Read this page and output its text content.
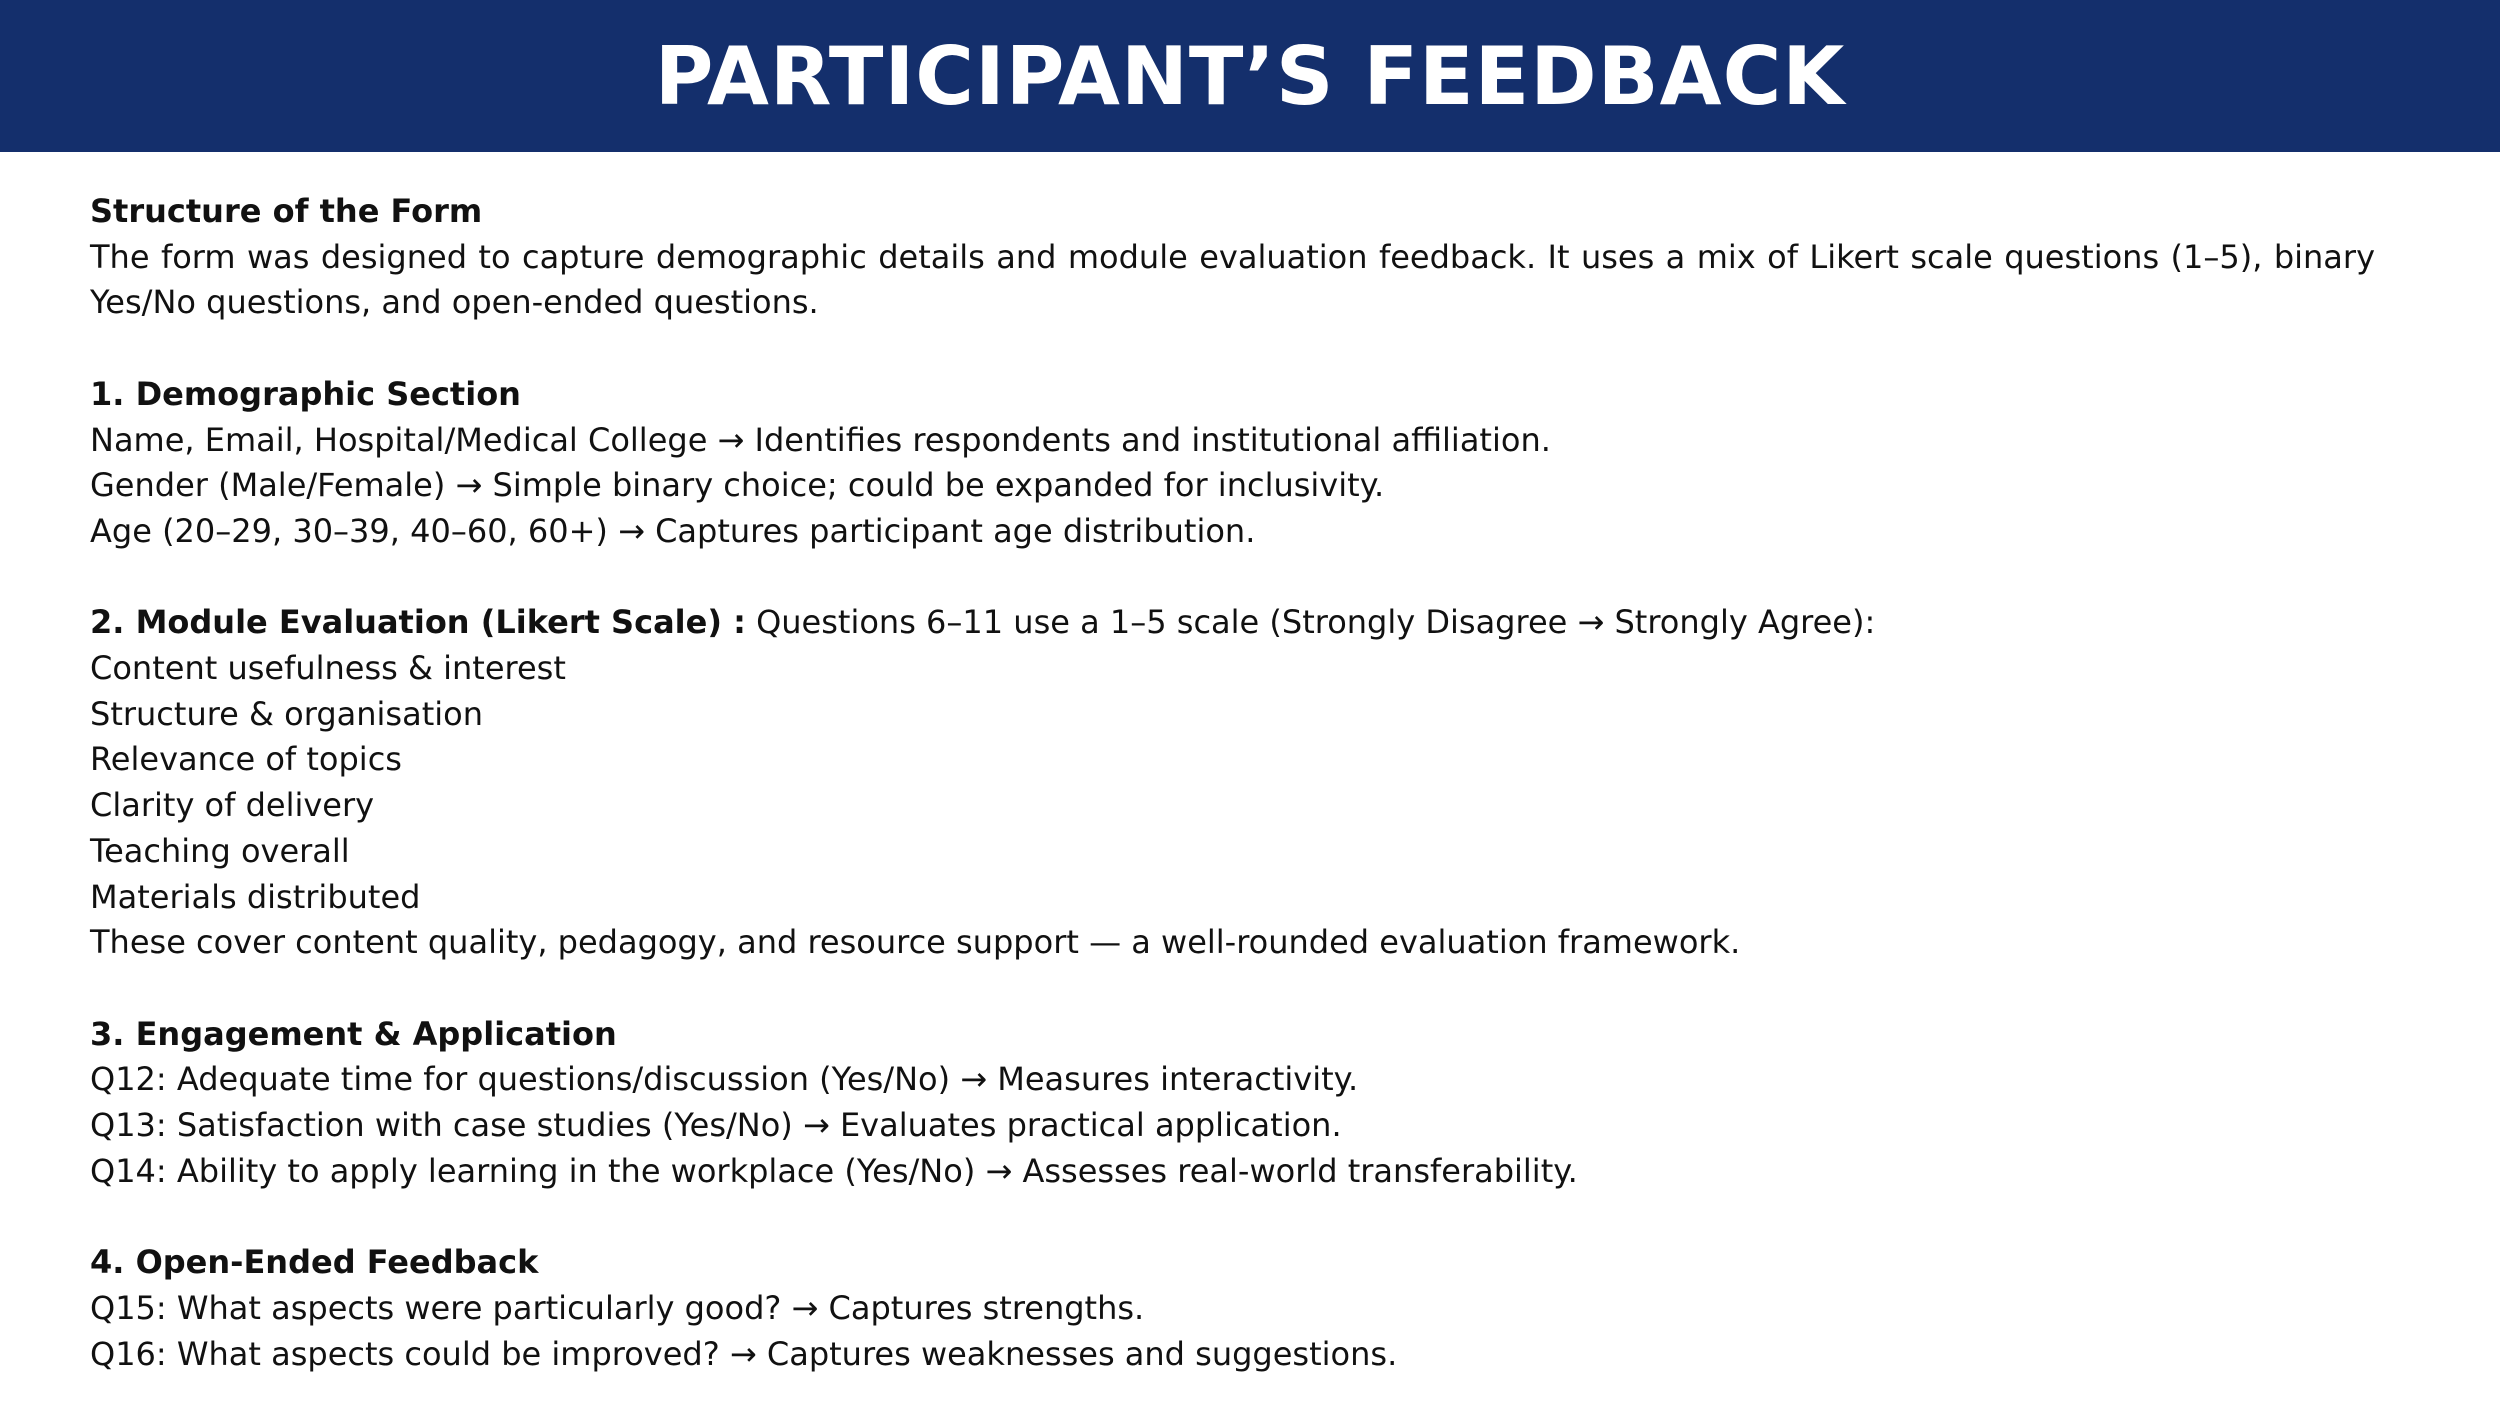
PARTICIPANT’S FEEDBACK

Structure of the Form

The form was designed to capture demographic details and module evaluation feedback. It uses a mix of Likert scale questions (1–5), binary Yes/No questions, and open-ended questions.

1. Demographic Section

Name, Email, Hospital/Medical College → Identifies respondents and institutional affiliation.

Gender (Male/Female) → Simple binary choice; could be expanded for inclusivity.

Age (20–29, 30–39, 40–60, 60+) → Captures participant age distribution.

2. Module Evaluation (Likert Scale) : Questions 6–11 use a 1–5 scale (Strongly Disagree → Strongly Agree):

Content usefulness & interest

Structure & organisation

Relevance of topics

Clarity of delivery

Teaching overall

Materials distributed

These cover content quality, pedagogy, and resource support — a well-rounded evaluation framework.

3. Engagement & Application

Q12: Adequate time for questions/discussion (Yes/No) → Measures interactivity.

Q13: Satisfaction with case studies (Yes/No) → Evaluates practical application.

Q14: Ability to apply learning in the workplace (Yes/No) → Assesses real-world transferability.

4. Open-Ended Feedback

Q15: What aspects were particularly good? → Captures strengths.

Q16: What aspects could be improved? → Captures weaknesses and suggestions.
